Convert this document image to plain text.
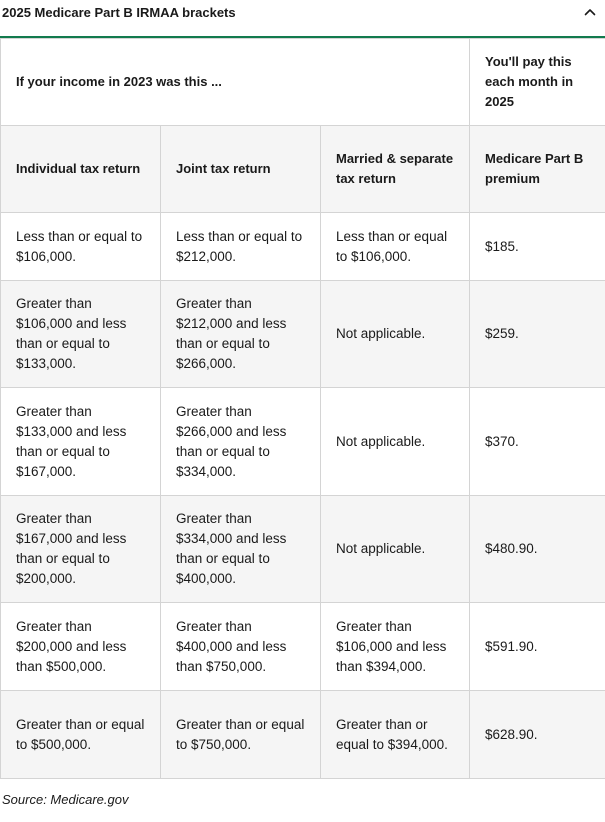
2025 Medicare Part B IRMAA brackets
If your income in 2023 was this ...			You'll pay this each month in 2025
Individual tax return	Joint tax return	Married & separate tax return	Medicare Part B premium
Less than or equal to $106,000.	Less than or equal to $212,000.	Less than or equal to $106,000.	$185.
Greater than $106,000 and less than or equal to $133,000.	Greater than $212,000 and less than or equal to $266,000.	Not applicable.	$259.
Greater than $133,000 and less than or equal to $167,000.	Greater than $266,000 and less than or equal to $334,000.	Not applicable.	$370.
Greater than $167,000 and less than or equal to $200,000.	Greater than $334,000 and less than or equal to $400,000.	Not applicable.	$480.90.
Greater than $200,000 and less than $500,000.	Greater than $400,000 and less than $750,000.	Greater than $106,000 and less than $394,000.	$591.90.
Greater than or equal to $500,000.	Greater than or equal to $750,000.	Greater than or equal to $394,000.	$628.90.
Source: Medicare.gov
